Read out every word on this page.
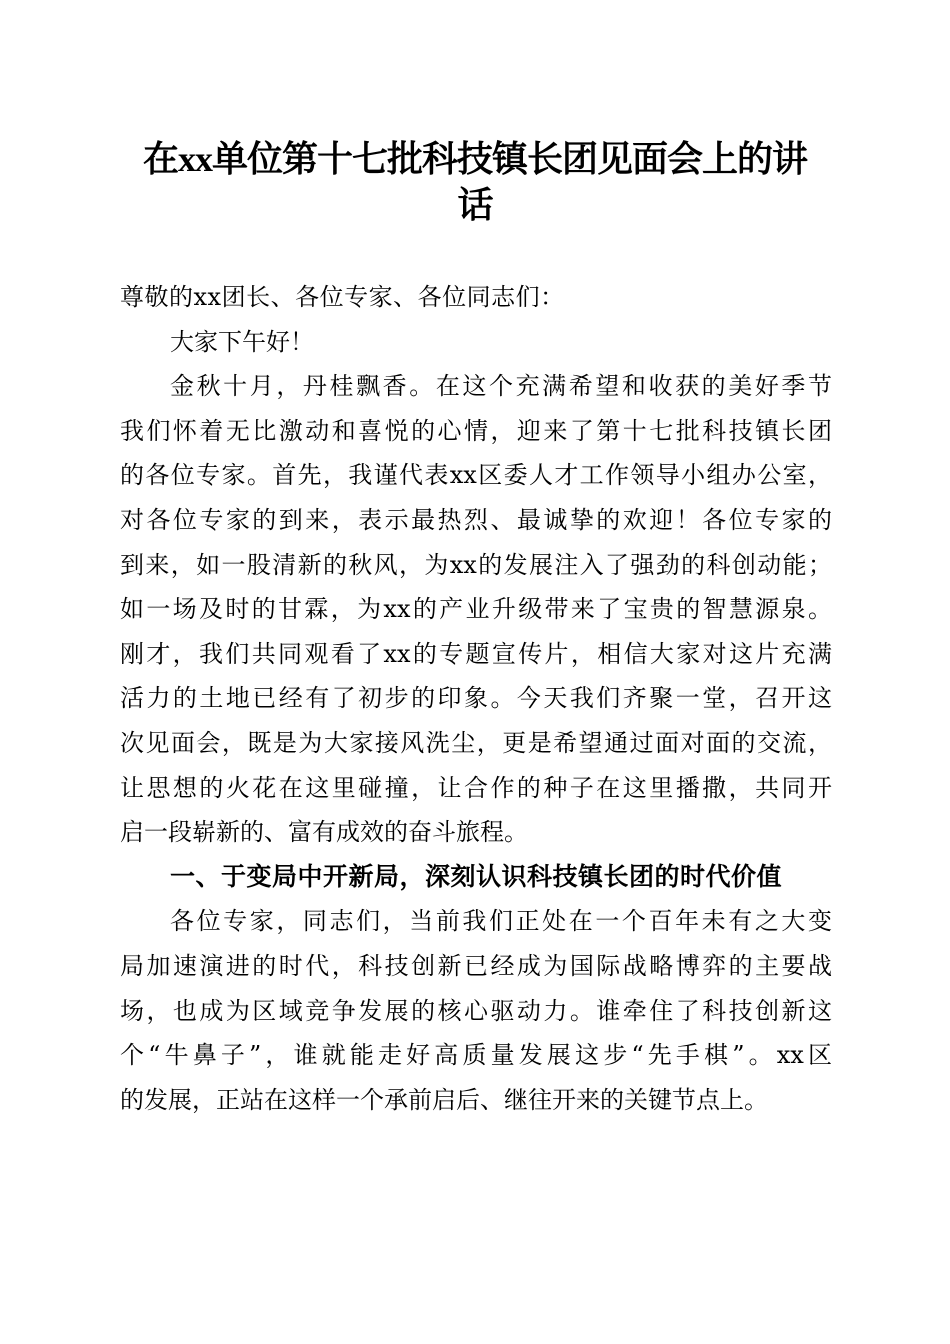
在xx单位第十七批科技镇长团见面会上的讲
话
尊敬的xx团长、各位专家、各位同志们：
大家下午好！
金秋十月，丹桂飘香。在这个充满希望和收获的美好季节
我们怀着无比激动和喜悦的心情，迎来了第十七批科技镇长团
的各位专家。首先，我谨代表xx区委人才工作领导小组办公室，
对各位专家的到来，表示最热烈、最诚挚的欢迎！各位专家的
到来，如一股清新的秋风，为xx的发展注入了强劲的科创动能；
如一场及时的甘霖，为xx的产业升级带来了宝贵的智慧源泉。
刚才，我们共同观看了xx的专题宣传片，相信大家对这片充满
活力的土地已经有了初步的印象。今天我们齐聚一堂，召开这
次见面会，既是为大家接风洗尘，更是希望通过面对面的交流，
让思想的火花在这里碰撞，让合作的种子在这里播撒，共同开
启一段崭新的、富有成效的奋斗旅程。
一、于变局中开新局，深刻认识科技镇长团的时代价值
各位专家，同志们，当前我们正处在一个百年未有之大变
局加速演进的时代，科技创新已经成为国际战略博弈的主要战
场，也成为区域竞争发展的核心驱动力。谁牵住了科技创新这
个“牛鼻子”，谁就能走好高质量发展这步“先手棋”。xx区
的发展，正站在这样一个承前启后、继往开来的关键节点上。
